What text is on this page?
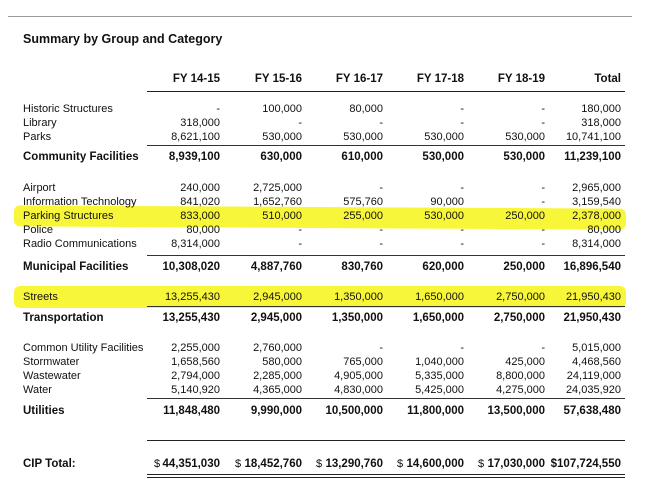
Summary by Group and Category
FY 14-15	FY 15-16	FY 16-17	FY 17-18	FY 18-19	Total
Historic Structures	-	100,000	80,000	-	-	180,000
Library	318,000	-	-	-	-	318,000
Parks	8,621,100	530,000	530,000	530,000	530,000	10,741,100
Community Facilities	8,939,100	630,000	610,000	530,000	530,000	11,239,100
Airport	240,000	2,725,000	-	-	-	2,965,000
Information Technology	841,020	1,652,760	575,760	90,000	-	3,159,540
Parking Structures	833,000	510,000	255,000	530,000	250,000	2,378,000
Police	80,000	-	-	-	-	80,000
Radio Communications	8,314,000	-	-	-	-	8,314,000
Municipal Facilities	10,308,020	4,887,760	830,760	620,000	250,000	16,896,540
Streets	13,255,430	2,945,000	1,350,000	1,650,000	2,750,000	21,950,430
Transportation	13,255,430	2,945,000	1,350,000	1,650,000	2,750,000	21,950,430
Common Utility Facilities	2,255,000	2,760,000	-	-	-	5,015,000
Stormwater	1,658,560	580,000	765,000	1,040,000	425,000	4,468,560
Wastewater	2,794,000	2,285,000	4,905,000	5,335,000	8,800,000	24,119,000
Water	5,140,920	4,365,000	4,830,000	5,425,000	4,275,000	24,035,920
Utilities	11,848,480	9,990,000	10,500,000	11,800,000	13,500,000	57,638,480
CIP Total:	$ 44,351,030 $ 18,452,760 $ 13,290,760 $ 14,600,000 $ 17,030,000 $107,724,550
